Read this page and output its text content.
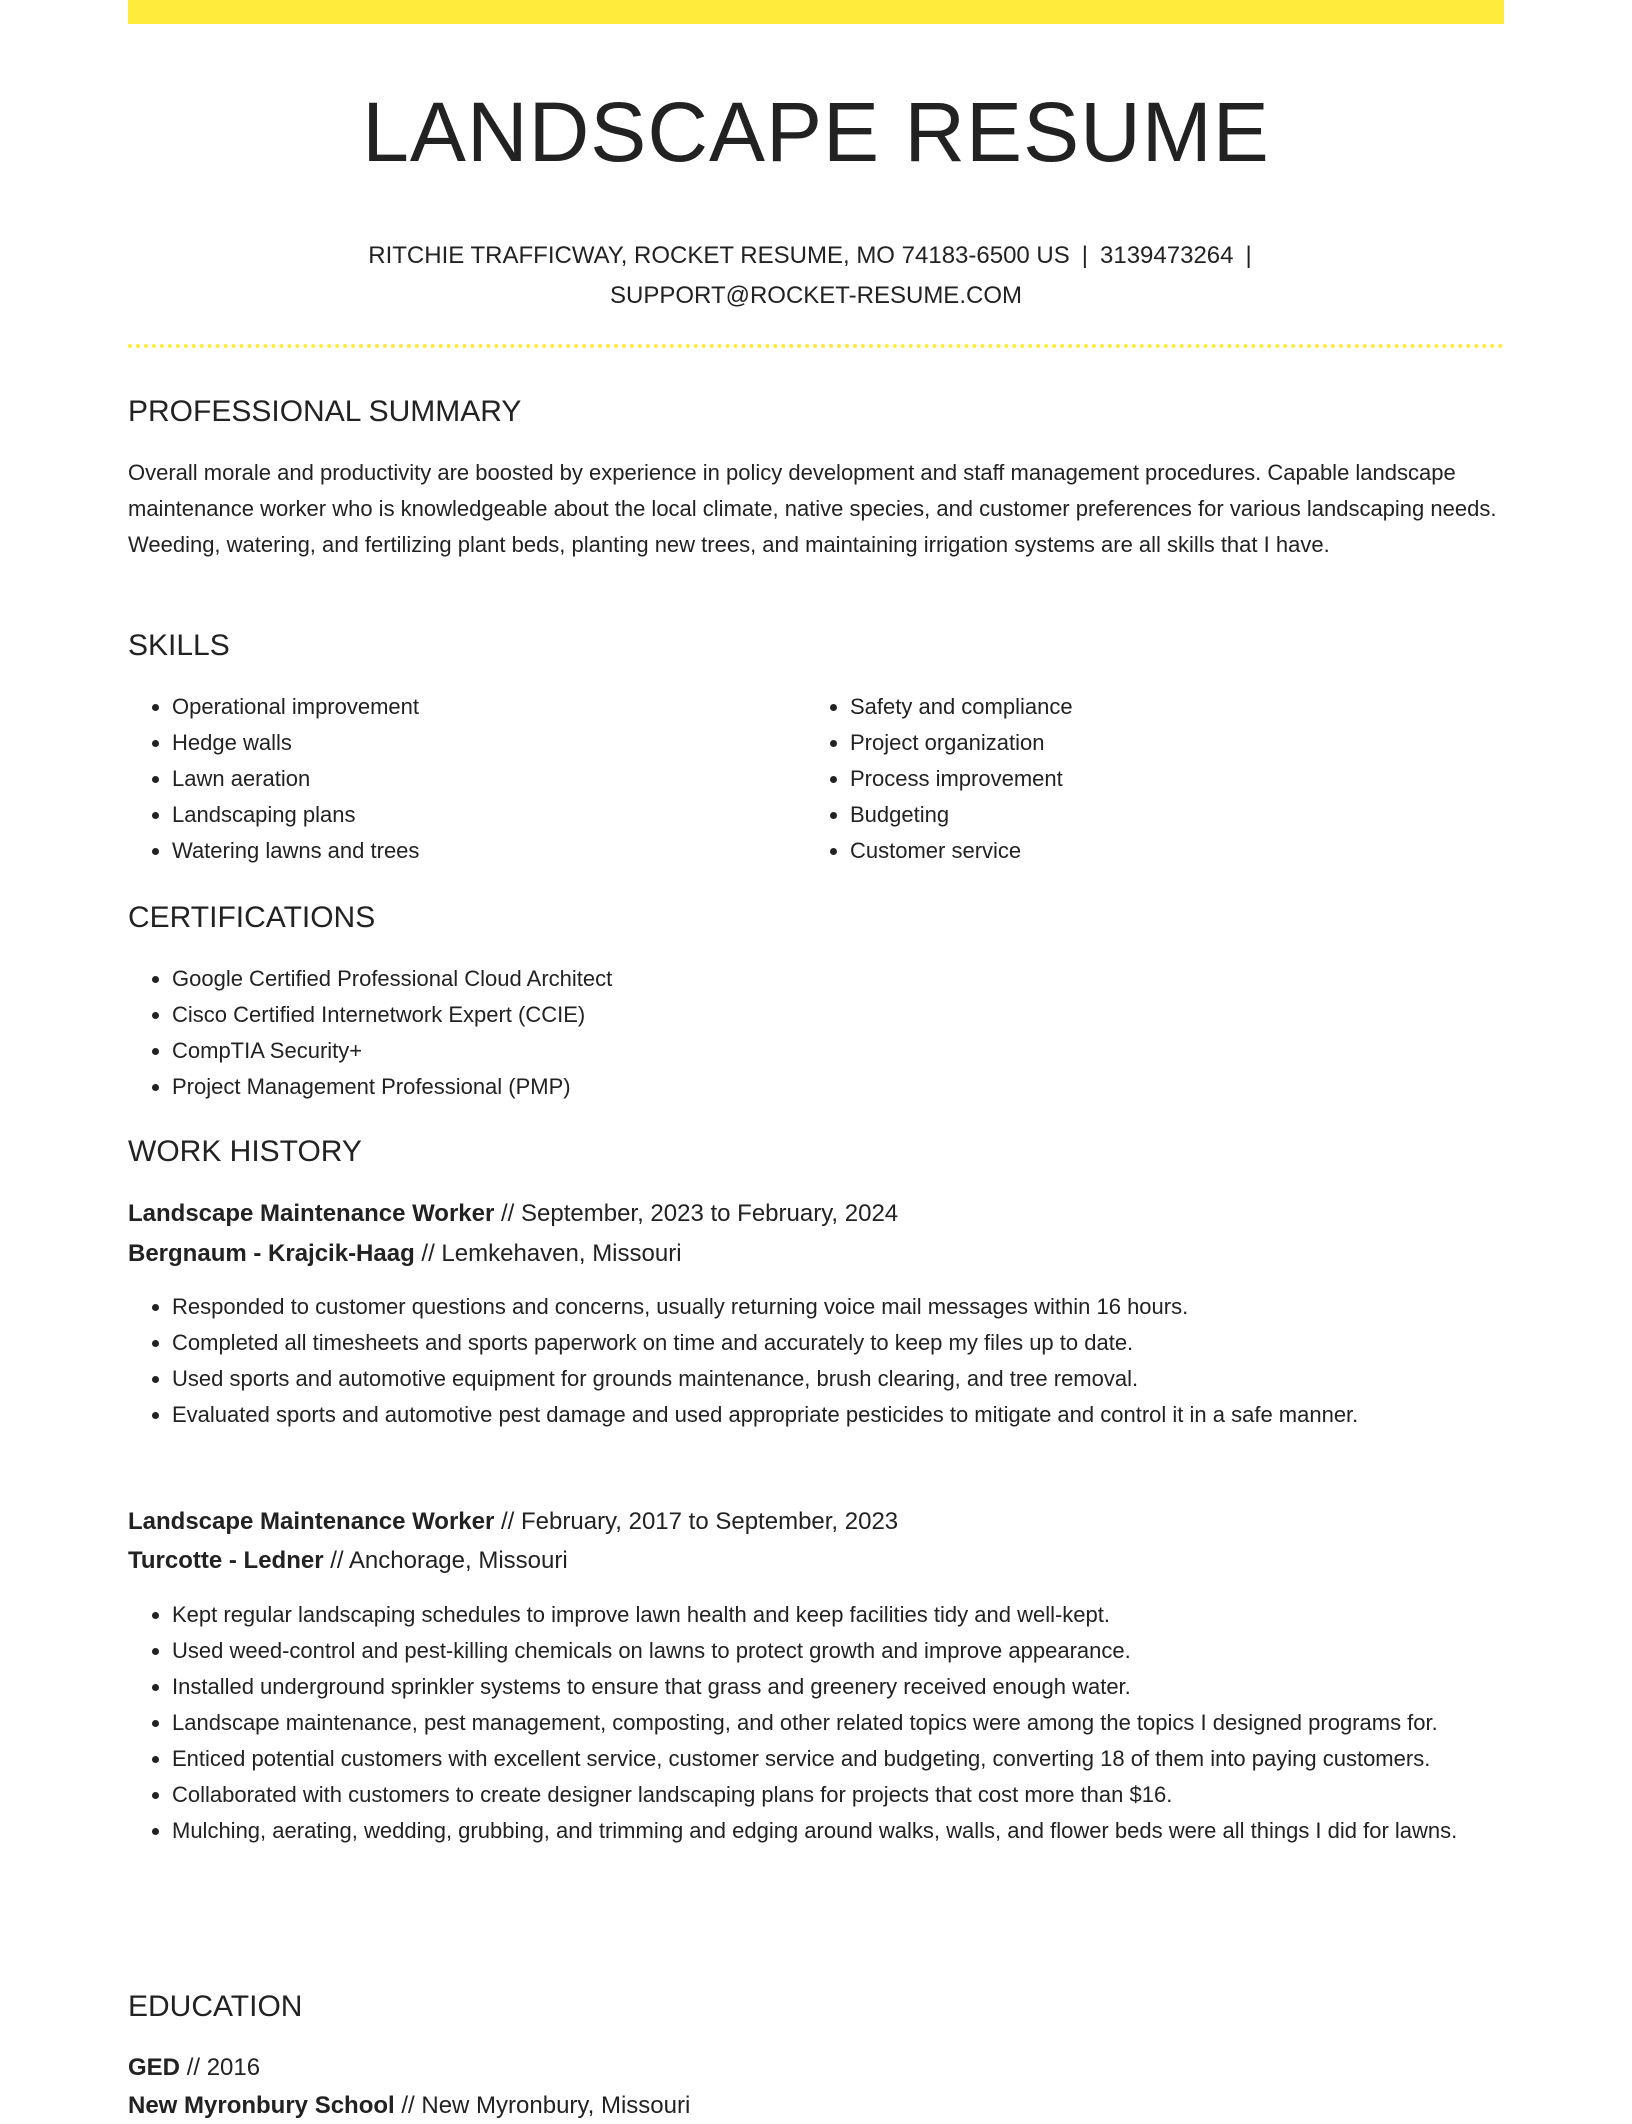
LANDSCAPE RESUME
RITCHIE TRAFFICWAY, ROCKET RESUME, MO 74183-6500 US | 3139473264 |
SUPPORT@ROCKET-RESUME.COM
PROFESSIONAL SUMMARY

Overall morale and productivity are boosted by experience in policy development and staff management procedures. Capable landscape maintenance worker who is knowledgeable about the local climate, native species, and customer preferences for various landscaping needs. Weeding, watering, and fertilizing plant beds, planting new trees, and maintaining irrigation systems are all skills that I have.

SKILLS
• Operational improvement
• Hedge walls
• Lawn aeration
• Landscaping plans
• Watering lawns and trees
• Safety and compliance
• Project organization
• Process improvement
• Budgeting
• Customer service
CERTIFICATIONS
• Google Certified Professional Cloud Architect
• Cisco Certified Internetwork Expert (CCIE)
• CompTIA Security+
• Project Management Professional (PMP)
WORK HISTORY
Landscape Maintenance Worker // September, 2023 to February, 2024
Bergnaum - Krajcik-Haag // Lemkehaven, Missouri
• Responded to customer questions and concerns, usually returning voice mail messages within 16 hours.
• Completed all timesheets and sports paperwork on time and accurately to keep my files up to date.
• Used sports and automotive equipment for grounds maintenance, brush clearing, and tree removal.
• Evaluated sports and automotive pest damage and used appropriate pesticides to mitigate and control it in a safe manner.
Landscape Maintenance Worker // February, 2017 to September, 2023
Turcotte - Ledner // Anchorage, Missouri
• Kept regular landscaping schedules to improve lawn health and keep facilities tidy and well-kept.
• Used weed-control and pest-killing chemicals on lawns to protect growth and improve appearance.
• Installed underground sprinkler systems to ensure that grass and greenery received enough water.
• Landscape maintenance, pest management, composting, and other related topics were among the topics I designed programs for.
• Enticed potential customers with excellent service, customer service and budgeting, converting 18 of them into paying customers.
• Collaborated with customers to create designer landscaping plans for projects that cost more than $16.
• Mulching, aerating, wedding, grubbing, and trimming and edging around walks, walls, and flower beds were all things I did for lawns.
EDUCATION
GED // 2016
New Myronbury School // New Myronbury, Missouri
